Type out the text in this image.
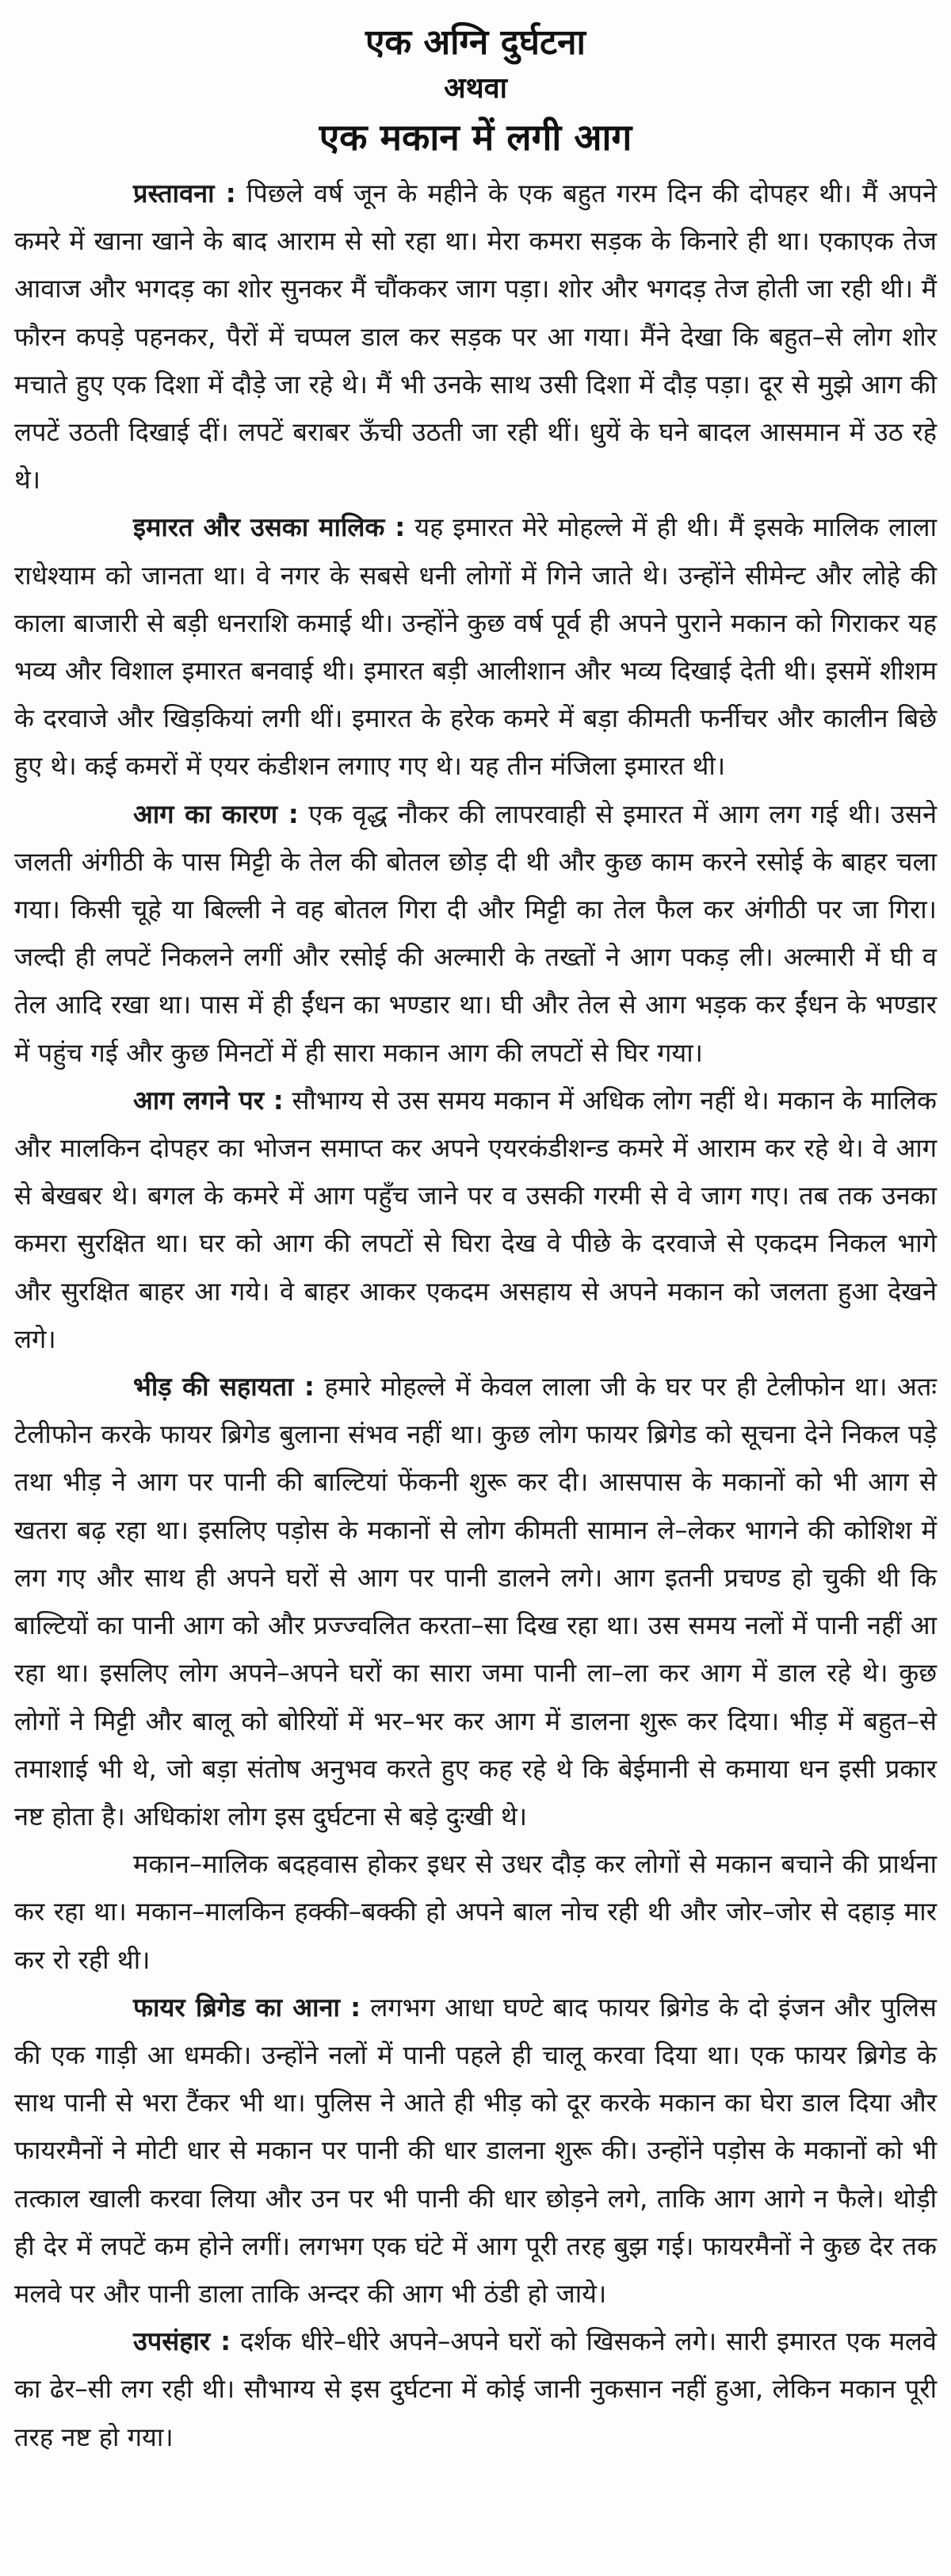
एक अग्नि दुर्घटना
अथवा
एक मकान में लगी आग

प्रस्तावना : पिछले वर्ष जून के महीने के एक बहुत गरम दिन की दोपहर थी। मैं अपने कमरे में खाना खाने के बाद आराम से सो रहा था। मेरा कमरा सड़क के किनारे ही था। एकाएक तेज आवाज और भगदड़ का शोर सुनकर मैं चौंककर जाग पड़ा। शोर और भगदड़ तेज होती जा रही थी। मैं फौरन कपड़े पहनकर, पैरों में चप्पल डाल कर सड़क पर आ गया। मैंने देखा कि बहुत–से लोग शोर मचाते हुए एक दिशा में दौड़े जा रहे थे। मैं भी उनके साथ उसी दिशा में दौड़ पड़ा। दूर से मुझे आग की लपटें उठती दिखाई दीं। लपटें बराबर ऊँची उठती जा रही थीं। धुयें के घने बादल आसमान में उठ रहे थे।

इमारत और उसका मालिक : यह इमारत मेरे मोहल्ले में ही थी। मैं इसके मालिक लाला राधेश्याम को जानता था। वे नगर के सबसे धनी लोगों में गिने जाते थे। उन्होंने सीमेन्ट और लोहे की काला बाजारी से बड़ी धनराशि कमाई थी। उन्होंने कुछ वर्ष पूर्व ही अपने पुराने मकान को गिराकर यह भव्य और विशाल इमारत बनवाई थी। इमारत बड़ी आलीशान और भव्य दिखाई देती थी। इसमें शीशम के दरवाजे और खिड़कियां लगी थीं। इमारत के हरेक कमरे में बड़ा कीमती फर्नीचर और कालीन बिछे हुए थे। कई कमरों में एयर कंडीशन लगाए गए थे। यह तीन मंजिला इमारत थी।

आग का कारण : एक वृद्ध नौकर की लापरवाही से इमारत में आग लग गई थी। उसने जलती अंगीठी के पास मिट्टी के तेल की बोतल छोड़ दी थी और कुछ काम करने रसोई के बाहर चला गया। किसी चूहे या बिल्ली ने वह बोतल गिरा दी और मिट्टी का तेल फैल कर अंगीठी पर जा गिरा। जल्दी ही लपटें निकलने लगीं और रसोई की अल्मारी के तख्तों ने आग पकड़ ली। अल्मारी में घी व तेल आदि रखा था। पास में ही ईंधन का भण्डार था। घी और तेल से आग भड़क कर ईंधन के भण्डार में पहुंच गई और कुछ मिनटों में ही सारा मकान आग की लपटों से घिर गया।

आग लगने पर : सौभाग्य से उस समय मकान में अधिक लोग नहीं थे। मकान के मालिक और मालकिन दोपहर का भोजन समाप्त कर अपने एयरकंडीशन्ड कमरे में आराम कर रहे थे। वे आग से बेखबर थे। बगल के कमरे में आग पहुँच जाने पर व उसकी गरमी से वे जाग गए। तब तक उनका कमरा सुरक्षित था। घर को आग की लपटों से घिरा देख वे पीछे के दरवाजे से एकदम निकल भागे और सुरक्षित बाहर आ गये। वे बाहर आकर एकदम असहाय से अपने मकान को जलता हुआ देखने लगे।

भीड़ की सहायता : हमारे मोहल्ले में केवल लाला जी के घर पर ही टेलीफोन था। अतः टेलीफोन करके फायर ब्रिगेड बुलाना संभव नहीं था। कुछ लोग फायर ब्रिगेड को सूचना देने निकल पड़े तथा भीड़ ने आग पर पानी की बाल्टियां फेंकनी शुरू कर दी। आसपास के मकानों को भी आग से खतरा बढ़ रहा था। इसलिए पड़ोस के मकानों से लोग कीमती सामान ले–लेकर भागने की कोशिश में लग गए और साथ ही अपने घरों से आग पर पानी डालने लगे। आग इतनी प्रचण्ड हो चुकी थी कि बाल्टियों का पानी आग को और प्रज्ज्वलित करता–सा दिख रहा था। उस समय नलों में पानी नहीं आ रहा था। इसलिए लोग अपने–अपने घरों का सारा जमा पानी ला–ला कर आग में डाल रहे थे। कुछ लोगों ने मिट्टी और बालू को बोरियों में भर–भर कर आग में डालना शुरू कर दिया। भीड़ में बहुत–से तमाशाई भी थे, जो बड़ा संतोष अनुभव करते हुए कह रहे थे कि बेईमानी से कमाया धन इसी प्रकार नष्ट होता है। अधिकांश लोग इस दुर्घटना से बड़े दुःखी थे।

मकान–मालिक बदहवास होकर इधर से उधर दौड़ कर लोगों से मकान बचाने की प्रार्थना कर रहा था। मकान–मालकिन हक्की–बक्की हो अपने बाल नोच रही थी और जोर–जोर से दहाड़ मार कर रो रही थी।

फायर ब्रिगेड का आना : लगभग आधा घण्टे बाद फायर ब्रिगेड के दो इंजन और पुलिस की एक गाड़ी आ धमकी। उन्होंने नलों में पानी पहले ही चालू करवा दिया था। एक फायर ब्रिगेड के साथ पानी से भरा टैंकर भी था। पुलिस ने आते ही भीड़ को दूर करके मकान का घेरा डाल दिया और फायरमैनों ने मोटी धार से मकान पर पानी की धार डालना शुरू की। उन्होंने पड़ोस के मकानों को भी तत्काल खाली करवा लिया और उन पर भी पानी की धार छोड़ने लगे, ताकि आग आगे न फैले। थोड़ी ही देर में लपटें कम होने लगीं। लगभग एक घंटे में आग पूरी तरह बुझ गई। फायरमैनों ने कुछ देर तक मलवे पर और पानी डाला ताकि अन्दर की आग भी ठंडी हो जाये।

उपसंहार : दर्शक धीरे–धीरे अपने–अपने घरों को खिसकने लगे। सारी इमारत एक मलवे का ढेर–सी लग रही थी। सौभाग्य से इस दुर्घटना में कोई जानी नुकसान नहीं हुआ, लेकिन मकान पूरी तरह नष्ट हो गया।
